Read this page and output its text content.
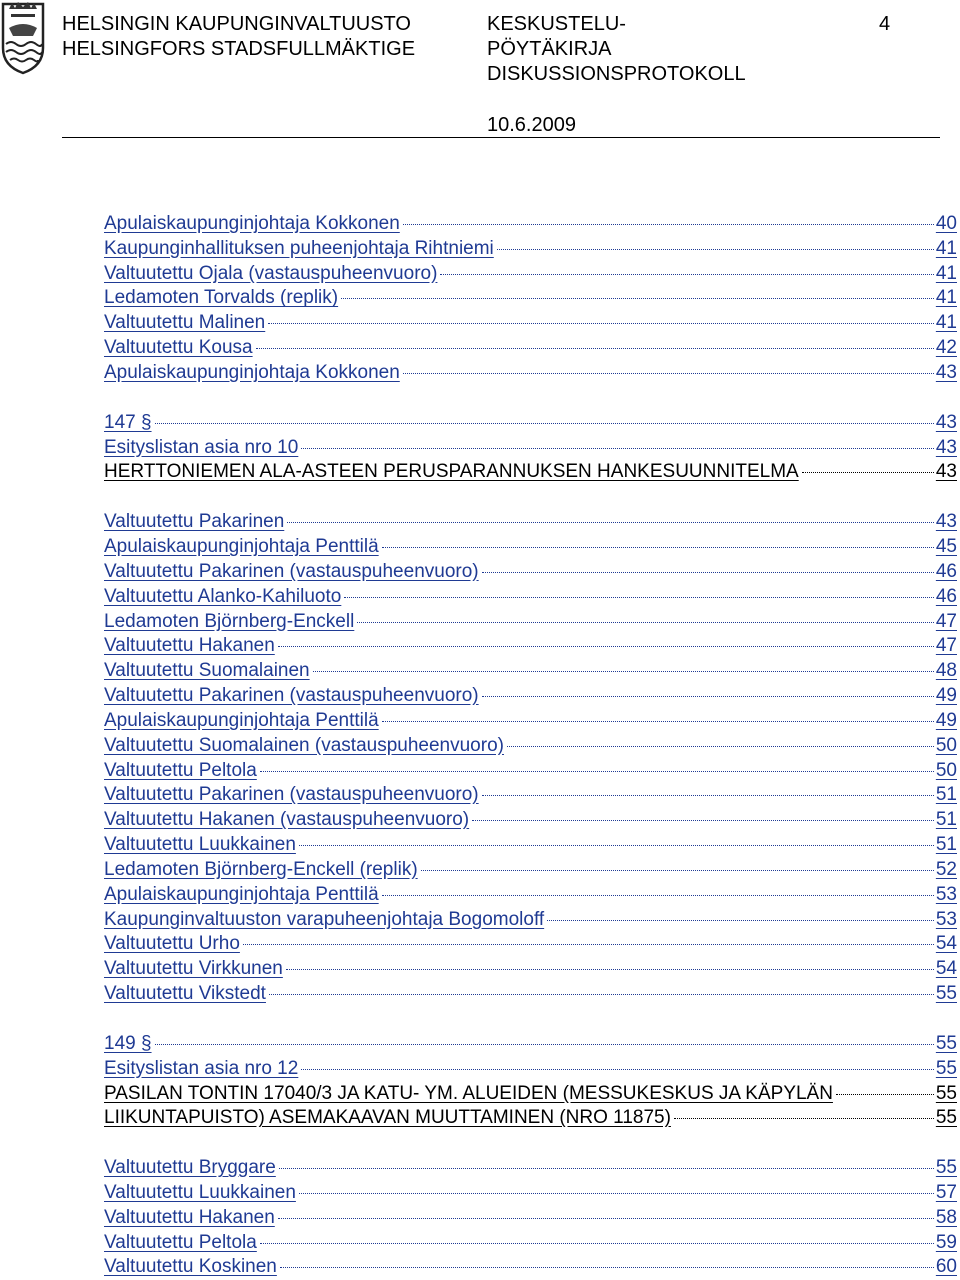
HELSINGIN KAUPUNGINVALTUUSTO
HELSINGFORS STADSFULLMÄKTIGE
KESKUSTELU-
PÖYTÄKIRJA
DISKUSSIONSPROTOKOLL
4
10.6.2009
Apulaiskaupunginjohtaja Kokkonen	40
Kaupunginhallituksen puheenjohtaja Rihtniemi	41
Valtuutettu Ojala (vastauspuheenvuoro)	41
Ledamoten Torvalds (replik)	41
Valtuutettu Malinen	41
Valtuutettu Kousa	42
Apulaiskaupunginjohtaja Kokkonen	43
147 §	43
Esityslistan asia nro 10	43
HERTTONIEMEN ALA-ASTEEN PERUSPARANNUKSEN HANKESUUNNITELMA	43
Valtuutettu Pakarinen	43
Apulaiskaupunginjohtaja Penttilä	45
Valtuutettu Pakarinen (vastauspuheenvuoro)	46
Valtuutettu Alanko-Kahiluoto	46
Ledamoten Björnberg-Enckell	47
Valtuutettu Hakanen	47
Valtuutettu Suomalainen	48
Valtuutettu Pakarinen (vastauspuheenvuoro)	49
Apulaiskaupunginjohtaja Penttilä	49
Valtuutettu Suomalainen (vastauspuheenvuoro)	50
Valtuutettu Peltola	50
Valtuutettu Pakarinen (vastauspuheenvuoro)	51
Valtuutettu Hakanen (vastauspuheenvuoro)	51
Valtuutettu Luukkainen	51
Ledamoten Björnberg-Enckell (replik)	52
Apulaiskaupunginjohtaja Penttilä	53
Kaupunginvaltuuston varapuheenjohtaja Bogomoloff	53
Valtuutettu Urho	54
Valtuutettu Virkkunen	54
Valtuutettu Vikstedt	55
149 §	55
Esityslistan asia nro 12	55
PASILAN TONTIN 17040/3 JA KATU- YM. ALUEIDEN (MESSUKESKUS JA KÄPYLÄN	55
LIIKUNTAPUISTO) ASEMAKAAVAN MUUTTAMINEN (NRO 11875)	55
Valtuutettu Bryggare	55
Valtuutettu Luukkainen	57
Valtuutettu Hakanen	58
Valtuutettu Peltola	59
Valtuutettu Koskinen	60
